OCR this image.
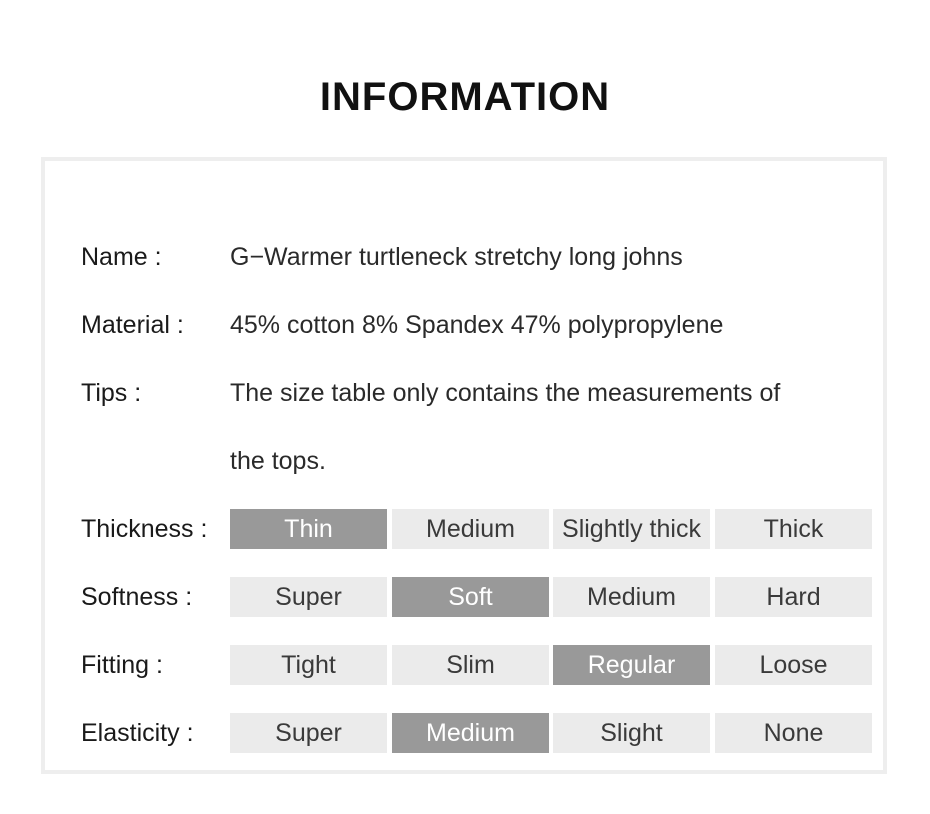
INFORMATION
Name :	G−Warmer turtleneck stretchy long johns
Material : 45% cotton 8% Spandex 47% polypropylene
Tips :	The size table only contains the measurements of
the tops.
Thickness :	Thin	Medium	Slightly thick	Thick
Softness :	Super	Soft	Medium	Hard
Fitting :	Tight	Slim	Regular	Loose
Elasticity :	Super	Medium	Slight	None
